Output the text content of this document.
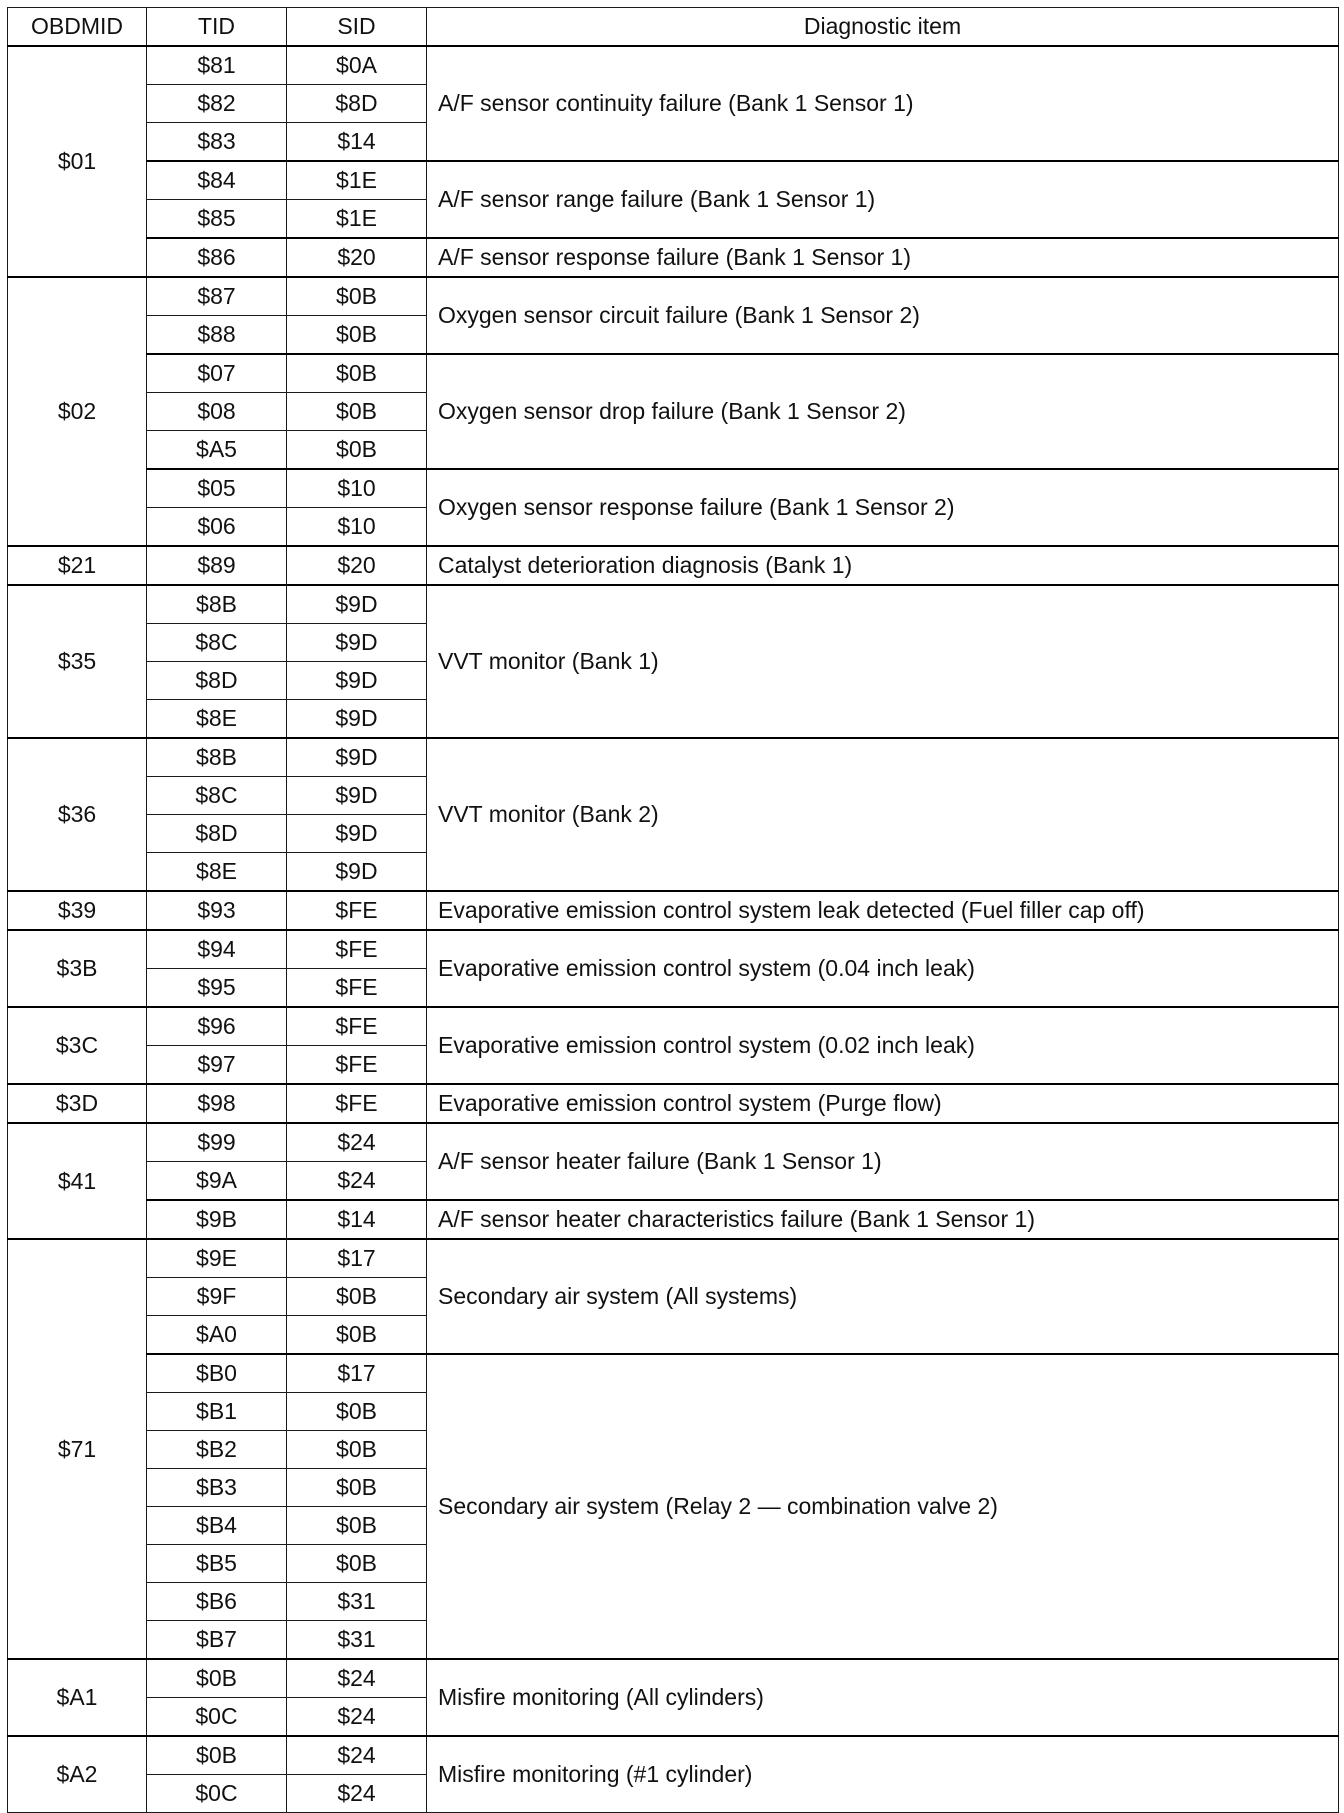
OBDMID	TID	SID	Diagnostic item
$01	$81	$0A	A/F sensor continuity failure (Bank 1 Sensor 1)
	$82	$8D	
	$83	$14	
	$84	$1E	A/F sensor range failure (Bank 1 Sensor 1)
	$85	$1E	
	$86	$20	A/F sensor response failure (Bank 1 Sensor 1)
$02	$87	$0B	Oxygen sensor circuit failure (Bank 1 Sensor 2)
	$88	$0B	
	$07	$0B	Oxygen sensor drop failure (Bank 1 Sensor 2)
	$08	$0B	
	$A5	$0B	
	$05	$10	Oxygen sensor response failure (Bank 1 Sensor 2)
	$06	$10	
$21	$89	$20	Catalyst deterioration diagnosis (Bank 1)
$35	$8B	$9D	VVT monitor (Bank 1)
	$8C	$9D	
	$8D	$9D	
	$8E	$9D	
$36	$8B	$9D	VVT monitor (Bank 2)
	$8C	$9D	
	$8D	$9D	
	$8E	$9D	
$39	$93	$FE	Evaporative emission control system leak detected (Fuel filler cap off)
$3B	$94	$FE	Evaporative emission control system (0.04 inch leak)
	$95	$FE	
$3C	$96	$FE	Evaporative emission control system (0.02 inch leak)
	$97	$FE	
$3D	$98	$FE	Evaporative emission control system (Purge flow)
$41	$99	$24	A/F sensor heater failure (Bank 1 Sensor 1)
	$9A	$24	
	$9B	$14	A/F sensor heater characteristics failure (Bank 1 Sensor 1)
$71	$9E	$17	Secondary air system (All systems)
	$9F	$0B	
	$A0	$0B	
	$B0	$17	Secondary air system (Relay 2 — combination valve 2)
	$B1	$0B	
	$B2	$0B	
	$B3	$0B	
	$B4	$0B	
	$B5	$0B	
	$B6	$31	
	$B7	$31	
$A1	$0B	$24	Misfire monitoring (All cylinders)
	$0C	$24	
$A2	$0B	$24	Misfire monitoring (#1 cylinder)
	$0C	$24	
